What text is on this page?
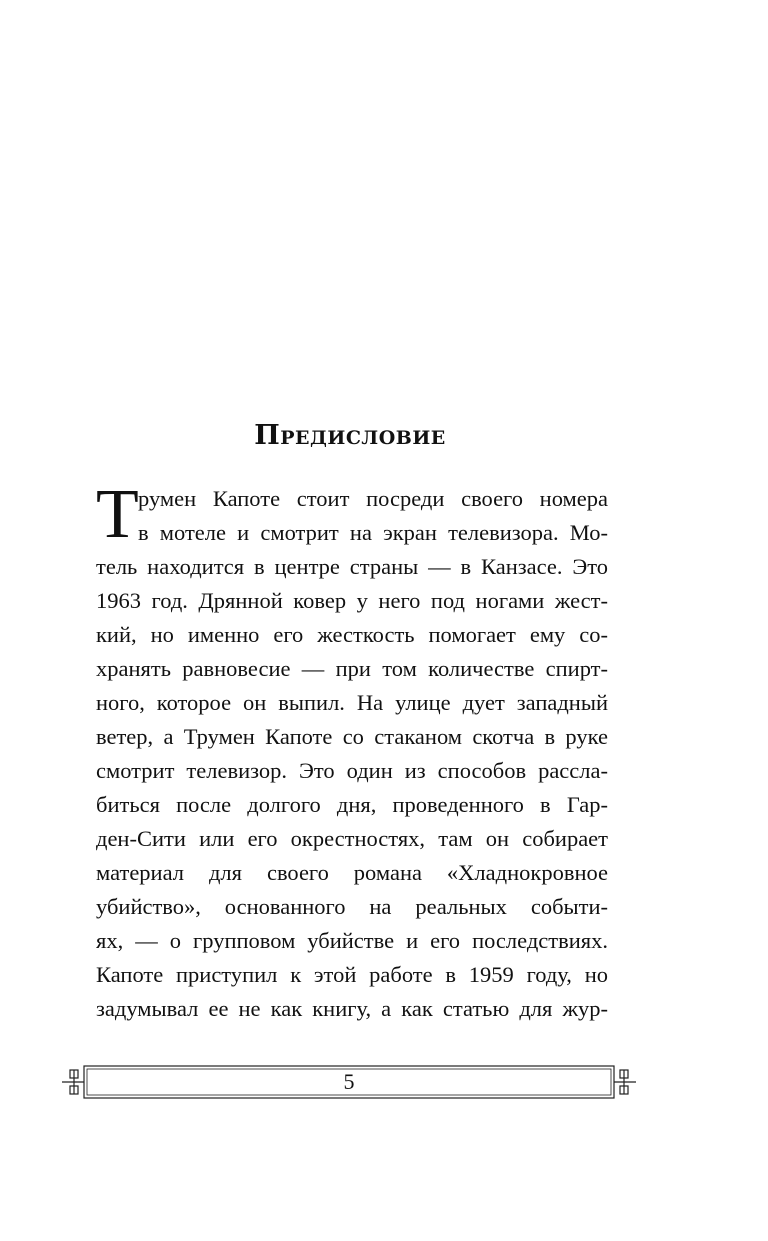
Предисловие
Т румен Капоте стоит посреди своего номера
в мотеле и смотрит на экран телевизора. Мо-
тель находится в центре страны — в Канзасе. Это
1963 год. Дрянной ковер у него под ногами жест-
кий, но именно его жесткость помогает ему со-
хранять равновесие — при том количестве спирт-
ного, которое он выпил. На улице дует западный
ветер, а Трумен Капоте со стаканом скотча в руке
смотрит телевизор. Это один из способов рассла-
биться после долгого дня, проведенного в Гар-
ден-Сити или его окрестностях, там он собирает
материал для своего романа «Хладнокровное
убийство», основанного на реальных событи-
ях, — о групповом убийстве и его последствиях.
Капоте приступил к этой работе в 1959 году, но
задумывал ее не как книгу, а как статью для жур-
5
